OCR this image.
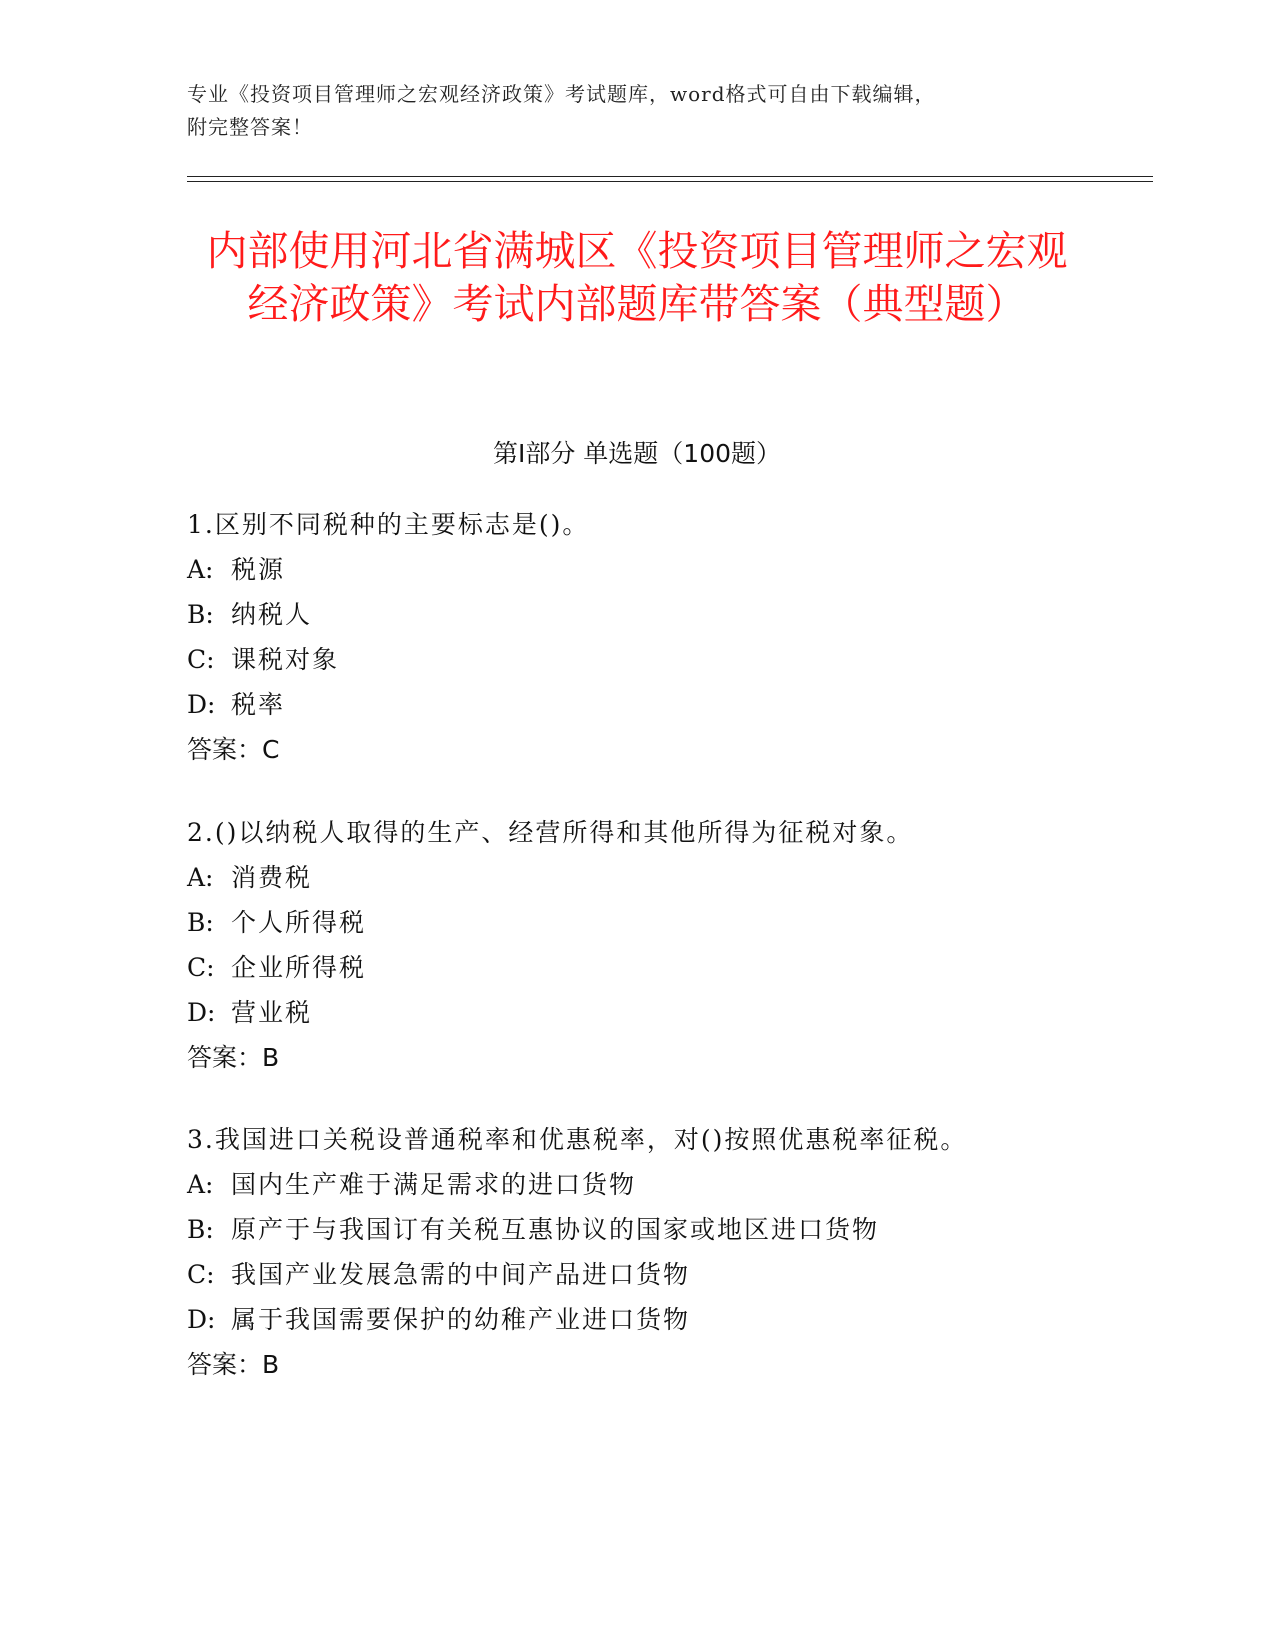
专业《投资项目管理师之宏观经济政策》考试题库，word格式可自由下载编辑，
附完整答案！
内部使用河北省满城区《投资项目管理师之宏观经济政策》考试内部题库带答案（典型题）
第Ⅰ部分 单选题（100题）
1.区别不同税种的主要标志是()。
A: 税源
B: 纳税人
C: 课税对象
D: 税率
答案：C
2.()以纳税人取得的生产、经营所得和其他所得为征税对象。
A: 消费税
B: 个人所得税
C: 企业所得税
D: 营业税
答案：B
3.我国进口关税设普通税率和优惠税率，对()按照优惠税率征税。
A: 国内生产难于满足需求的进口货物
B: 原产于与我国订有关税互惠协议的国家或地区进口货物
C: 我国产业发展急需的中间产品进口货物
D: 属于我国需要保护的幼稚产业进口货物
答案：B
